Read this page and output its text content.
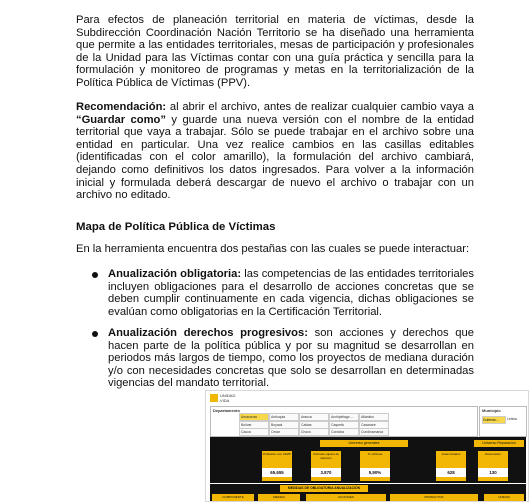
Para efectos de planeación territorial en materia de víctimas, desde la Subdirección Coordinación Nación Territorio se ha diseñado una herramienta que permite a las entidades territoriales, mesas de participación y profesionales de la Unidad para las Víctimas contar con una guía práctica y sencilla para la formulación y monitoreo de programas y metas en la territorialización de la Política Pública de Víctimas (PPV).

Recomendación: al abrir el archivo, antes de realizar cualquier cambio vaya a “Guardar como” y guarde una nueva versión con el nombre de la entidad territorial que vaya a trabajar. Sólo se puede trabajar en el archivo sobre una entidad en particular. Una vez realice cambios en las casillas editables (identificadas con el color amarillo), la formulación del archivo cambiará, dejando como definitivos los datos ingresados. Para volver a la información inicial y formulada deberá descargar de nuevo el archivo o trabajar con un archivo no editado.

Mapa de Política Pública de Víctimas

En la herramienta encuentra dos pestañas con las cuales se puede interactuar:

Anualización obligatoria: las competencias de las entidades territoriales incluyen obligaciones para el desarrollo de acciones concretas que se deben cumplir continuamente en cada vigencia, dichas obligaciones se evalúan como obligatorias en la Certificación Territorial.

Anualización derechos progresivos: son acciones y derechos que hacen parte de la política pública y por su magnitud se desarrollan en periodos más largos de tiempo, como los proyectos de mediana duración y/o con necesidades concretas que solo se desarrollan en determinadas vigencias del mandato territorial.

UNIDAD
VIDA
Departamento
Amazonas	Antioquia	Arauca	Archipiélago ...	Atlántico
Bolívar	Boyacá	Caldas	Caquetá	Casanare
Cauca	Cesar	Chocó	Córdoba	Cundinamarca
Municipio
Guiteras...	Leticia
Universo generales	Universo Reparación
Población con LSMP
65.655
Víctimas sujetos de atención
3.870
% víctimas
5,90%
Indemnizados
628
Retornados
130
MEDIDAS DE OBLIGATORIA ANUALIZACIÓN
COMPONENTE	MEDIDA	ACCIONES	PRODUCTOS	UNIDAD
